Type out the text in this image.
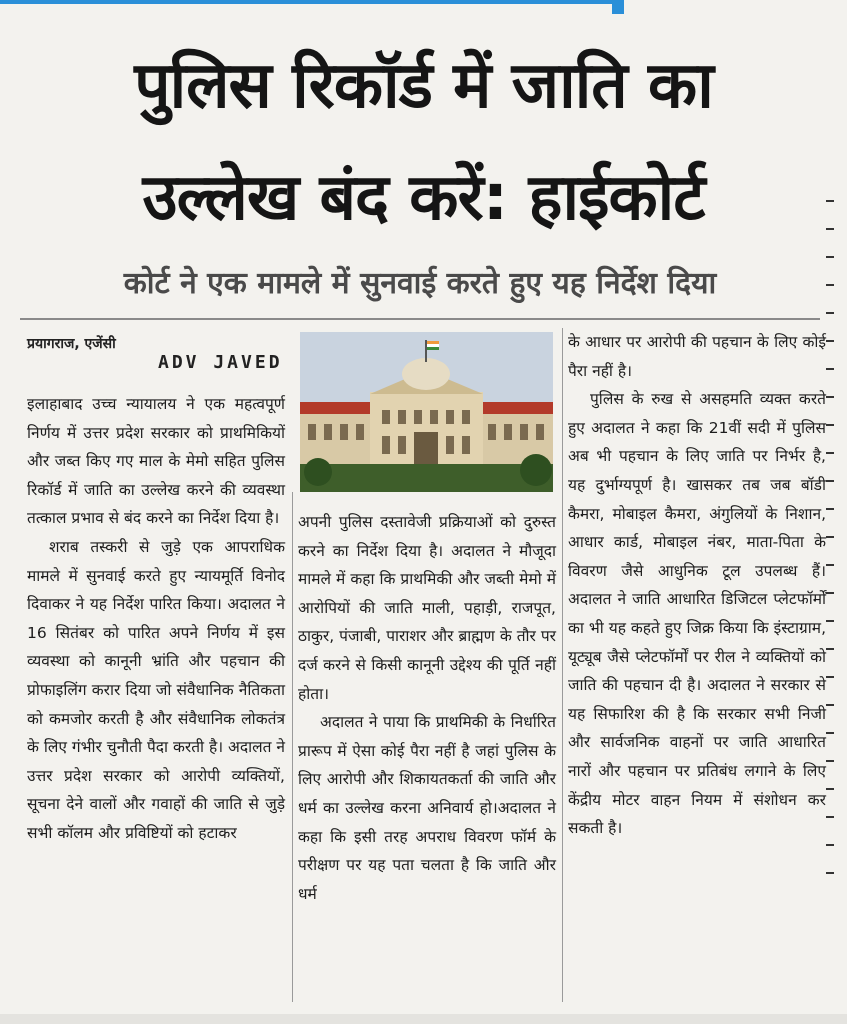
पुलिस रिकॉर्ड में जाति का
उल्लेख बंद करें: हाईकोर्ट
कोर्ट ने एक मामले में सुनवाई करते हुए यह निर्देश दिया
प्रयागराज, एजेंसी
ADV JAVED

इलाहाबाद उच्च न्यायालय ने एक महत्वपूर्ण निर्णय में उत्तर प्रदेश सरकार को प्राथमिकियों और जब्त किए गए माल के मेमो सहित पुलिस रिकॉर्ड में जाति का उल्लेख करने की व्यवस्था तत्काल प्रभाव से बंद करने का निर्देश दिया है।

शराब तस्करी से जुड़े एक आपराधिक मामले में सुनवाई करते हुए न्यायमूर्ति विनोद दिवाकर ने यह निर्देश पारित किया। अदालत ने 16 सितंबर को पारित अपने निर्णय में इस व्यवस्था को कानूनी भ्रांति और पहचान की प्रोफाइलिंग करार दिया जो संवैधानिक नैतिकता को कमजोर करती है और संवैधानिक लोकतंत्र के लिए गंभीर चुनौती पैदा करती है। अदालत ने उत्तर प्रदेश सरकार को आरोपी व्यक्तियों, सूचना देने वालों और गवाहों की जाति से जुड़े सभी कॉलम और प्रविष्टियों को हटाकर

अपनी पुलिस दस्तावेजी प्रक्रियाओं को दुरुस्त करने का निर्देश दिया है। अदालत ने मौजूदा मामले में कहा कि प्राथमिकी और जब्ती मेमो में आरोपियों की जाति माली, पहाड़ी, राजपूत, ठाकुर, पंजाबी, पाराशर और ब्राह्मण के तौर पर दर्ज करने से किसी कानूनी उद्देश्य की पूर्ति नहीं होता।

अदालत ने पाया कि प्राथमिकी के निर्धारित प्रारूप में ऐसा कोई पैरा नहीं है जहां पुलिस के लिए आरोपी और शिकायतकर्ता की जाति और धर्म का उल्लेख करना अनिवार्य हो।अदालत ने कहा कि इसी तरह अपराध विवरण फॉर्म के परीक्षण पर यह पता चलता है कि जाति और धर्म

के आधार पर आरोपी की पहचान के लिए कोई पैरा नहीं है।

पुलिस के रुख से असहमति व्यक्त करते हुए अदालत ने कहा कि 21वीं सदी में पुलिस अब भी पहचान के लिए जाति पर निर्भर है, यह दुर्भाग्यपूर्ण है। खासकर तब जब बॉडी कैमरा, मोबाइल कैमरा, अंगुलियों के निशान, आधार कार्ड, मोबाइल नंबर, माता-पिता के विवरण जैसे आधुनिक टूल उपलब्ध हैं। अदालत ने जाति आधारित डिजिटल प्लेटफॉर्मों का भी यह कहते हुए जिक्र किया कि इंस्टाग्राम, यूट्यूब जैसे प्लेटफॉर्मों पर रील ने व्यक्तियों को जाति की पहचान दी है। अदालत ने सरकार से यह सिफारिश की है कि सरकार सभी निजी और सार्वजनिक वाहनों पर जाति आधारित नारों और पहचान पर प्रतिबंध लगाने के लिए केंद्रीय मोटर वाहन नियम में संशोधन कर सकती है।
